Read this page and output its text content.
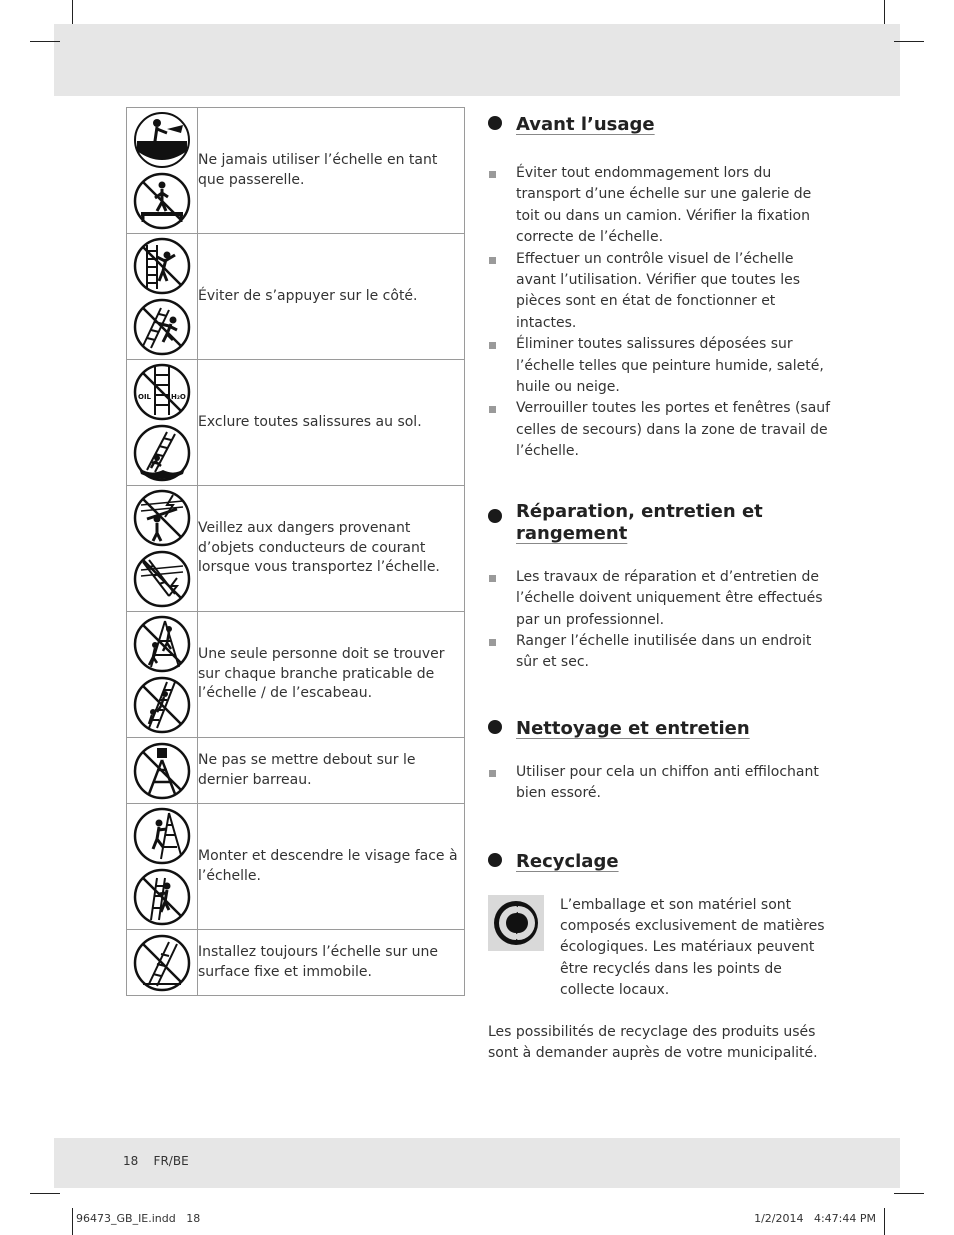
	Ne jamais utiliser l’échelle en tant que passerelle.

	Éviter de s’appuyer sur le côté.

OIL H₂O	Exclure toutes salissures au sol.

	Veillez aux dangers provenant d’objets conducteurs de courant lorsque vous transportez l’échelle.

	Une seule personne doit se trouver sur chaque branche praticable de l’échelle / de l’escabeau.

	Ne pas se mettre debout sur le dernier barreau.

	Monter et descendre le visage face à l’échelle.

	Installez toujours l’échelle sur une surface fixe et immobile.
Avant l’usage
Éviter tout endommagement lors du transport d’une échelle sur une galerie de toit ou dans un camion. Vérifier la fixation correcte de l’échelle.
Effectuer un contrôle visuel de l’échelle avant l’utilisation. Vérifier que toutes les pièces sont en état de fonctionner et intactes.
Éliminer toutes salissures déposées sur l’échelle telles que peinture humide, saleté, huile ou neige.
Verrouiller toutes les portes et fenêtres (sauf celles de secours) dans la zone de travail de l’échelle.
Réparation, entretien et
rangement
Les travaux de réparation et d’entretien de l’échelle doivent uniquement être effectués par un professionnel.
Ranger l’échelle inutilisée dans un endroit sûr et sec.
Nettoyage et entretien
Utiliser pour cela un chiffon anti effilochant bien essoré.
Recyclage
L’emballage et son matériel sont composés exclusivement de matières écologiques. Les matériaux peuvent être recyclés dans les points de collecte locaux.
Les possibilités de recyclage des produits usés sont à demander auprès de votre municipalité.
18 FR/BE
96473_GB_IE.indd   18	1/2/2014   4:47:44 PM
